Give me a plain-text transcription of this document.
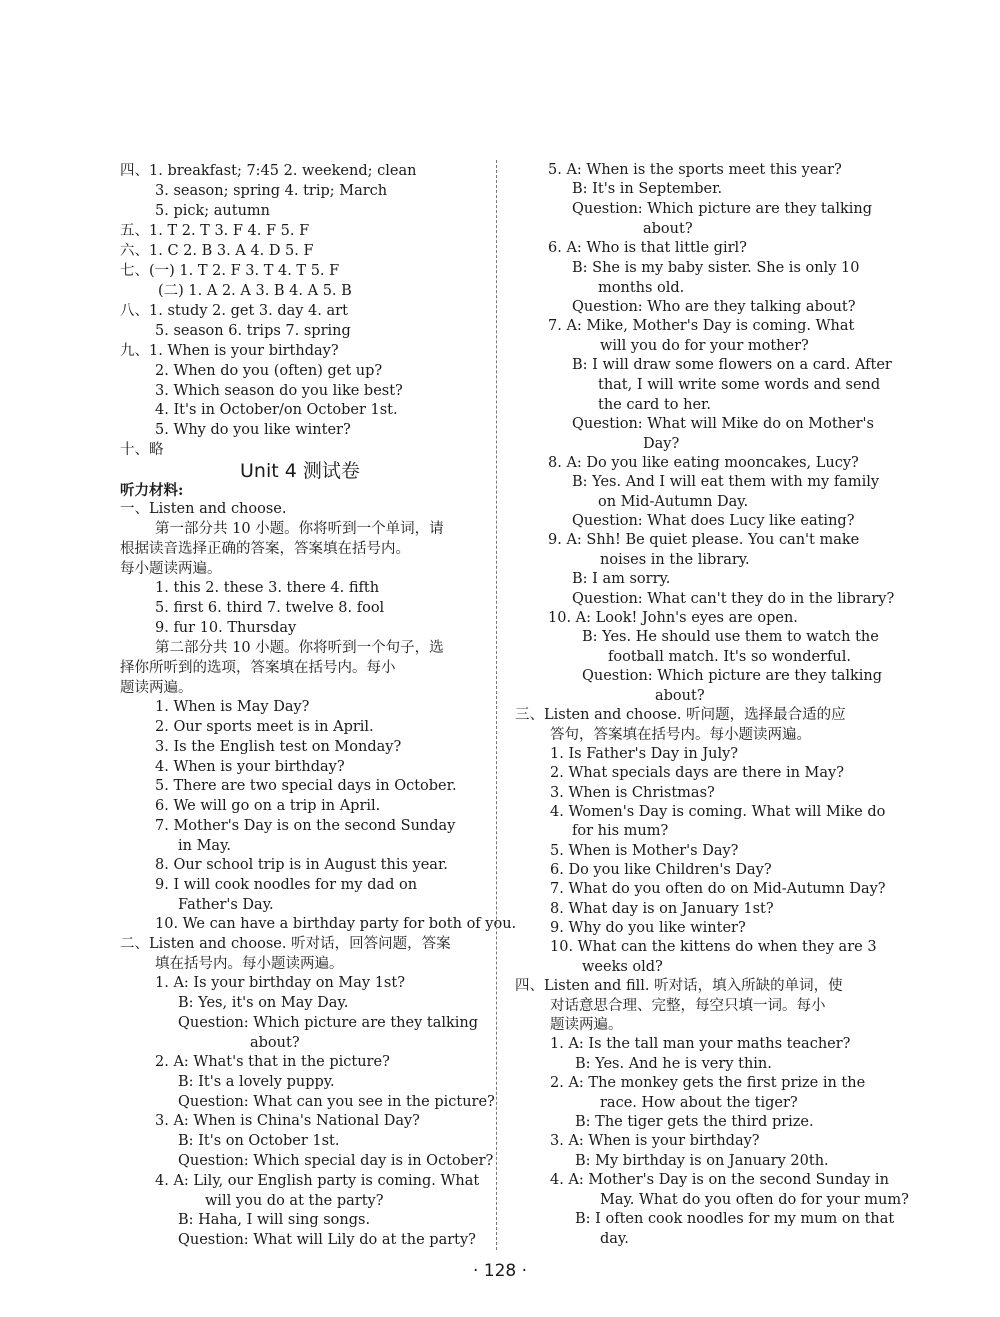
四、1. breakfast; 7:45 2. weekend; clean
3. season; spring 4. trip; March
5. pick; autumn
五、1. T 2. T 3. F 4. F 5. F
六、1. C 2. B 3. A 4. D 5. F
七、(一) 1. T 2. F 3. T 4. T 5. F
(二) 1. A 2. A 3. B 4. A 5. B
八、1. study 2. get 3. day 4. art
5. season 6. trips 7. spring
九、1. When is your birthday?
2. When do you (often) get up?
3. Which season do you like best?
4. It's in October/on October 1st.
5. Why do you like winter?
十、略
听力材料:
一、Listen and choose.
第一部分共 10 小题。你将听到一个单词，请
根据读音选择正确的答案，答案填在括号内。
每小题读两遍。
1. this 2. these 3. there 4. fifth
5. first 6. third 7. twelve 8. fool
9. fur 10. Thursday
第二部分共 10 小题。你将听到一个句子，选
择你所听到的选项，答案填在括号内。每小
题读两遍。
1. When is May Day?
2. Our sports meet is in April.
3. Is the English test on Monday?
4. When is your birthday?
5. There are two special days in October.
6. We will go on a trip in April.
7. Mother's Day is on the second Sunday
in May.
8. Our school trip is in August this year.
9. I will cook noodles for my dad on
Father's Day.
10. We can have a birthday party for both of you.
二、Listen and choose. 听对话，回答问题，答案
填在括号内。每小题读两遍。
1. A: Is your birthday on May 1st?
B: Yes, it's on May Day.
Question: Which picture are they talking
about?
2. A: What's that in the picture?
B: It's a lovely puppy.
Question: What can you see in the picture?
3. A: When is China's National Day?
B: It's on October 1st.
Question: Which special day is in October?
4. A: Lily, our English party is coming. What
will you do at the party?
B: Haha, I will sing songs.
Question: What will Lily do at the party?
Unit 4 测试卷
5. A: When is the sports meet this year?
B: It's in September.
Question: Which picture are they talking
about?
6. A: Who is that little girl?
B: She is my baby sister. She is only 10
months old.
Question: Who are they talking about?
7. A: Mike, Mother's Day is coming. What
will you do for your mother?
B: I will draw some flowers on a card. After
that, I will write some words and send
the card to her.
Question: What will Mike do on Mother's
Day?
8. A: Do you like eating mooncakes, Lucy?
B: Yes. And I will eat them with my family
on Mid-Autumn Day.
Question: What does Lucy like eating?
9. A: Shh! Be quiet please. You can't make
noises in the library.
B: I am sorry.
Question: What can't they do in the library?
10. A: Look! John's eyes are open.
B: Yes. He should use them to watch the
football match. It's so wonderful.
Question: Which picture are they talking
about?
三、Listen and choose. 听问题，选择最合适的应
答句，答案填在括号内。每小题读两遍。
1. Is Father's Day in July?
2. What specials days are there in May?
3. When is Christmas?
4. Women's Day is coming. What will Mike do
for his mum?
5. When is Mother's Day?
6. Do you like Children's Day?
7. What do you often do on Mid-Autumn Day?
8. What day is on January 1st?
9. Why do you like winter?
10. What can the kittens do when they are 3
weeks old?
四、Listen and fill. 听对话，填入所缺的单词，使
对话意思合理、完整，每空只填一词。每小
题读两遍。
1. A: Is the tall man your maths teacher?
B: Yes. And he is very thin.
2. A: The monkey gets the first prize in the
race. How about the tiger?
B: The tiger gets the third prize.
3. A: When is your birthday?
B: My birthday is on January 20th.
4. A: Mother's Day is on the second Sunday in
May. What do you often do for your mum?
B: I often cook noodles for my mum on that
day.
· 128 ·
